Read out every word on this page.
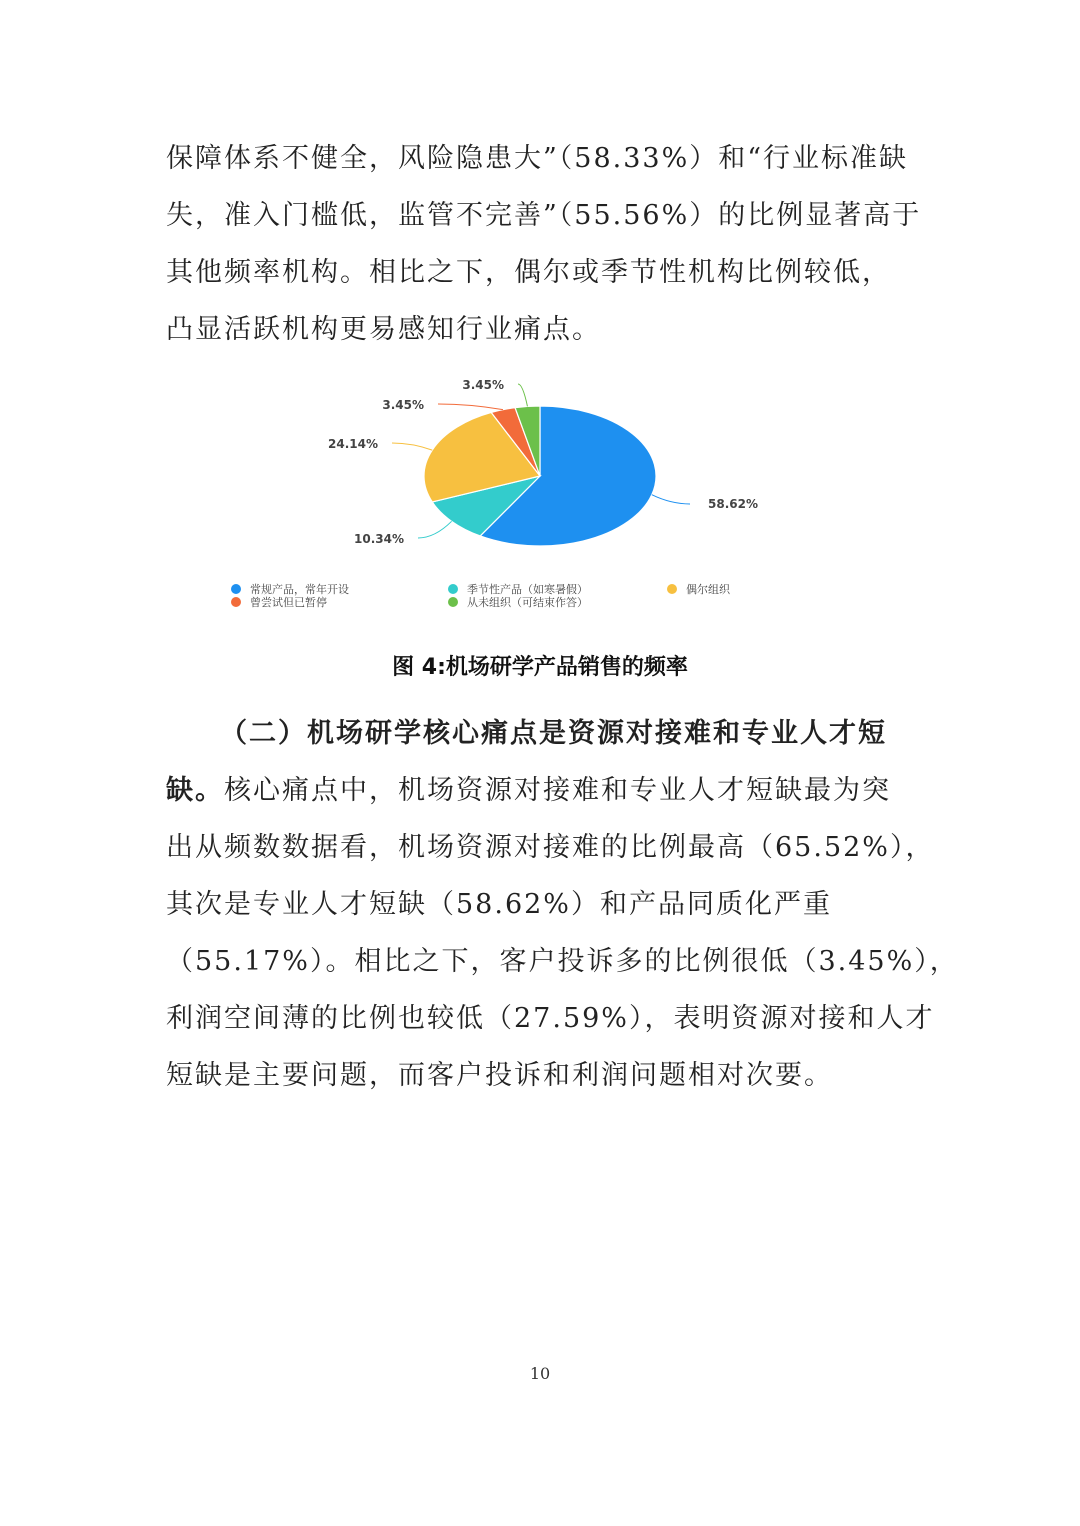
保障体系不健全，风险隐患大”（58.33%）和“行业标准缺

失，准入门槛低，监管不完善”（55.56%）的比例显著高于

其他频率机构。相比之下，偶尔或季节性机构比例较低，

凸显活跃机构更易感知行业痛点。

58.62%
10.34%
24.14%
3.45%
3.45%
常规产品，常年开设	季节性产品（如寒暑假）	偶尔组织
曾尝试但已暂停	从未组织（可结束作答）
图 4:机场研学产品销售的频率

（二）机场研学核心痛点是资源对接难和专业人才短

缺。核心痛点中，机场资源对接难和专业人才短缺最为突

出从频数数据看，机场资源对接难的比例最高（65.52%），

其次是专业人才短缺（58.62%）和产品同质化严重

（55.17%）。相比之下，客户投诉多的比例很低（3.45%），

利润空间薄的比例也较低（27.59%），表明资源对接和人才

短缺是主要问题，而客户投诉和利润问题相对次要。

10
